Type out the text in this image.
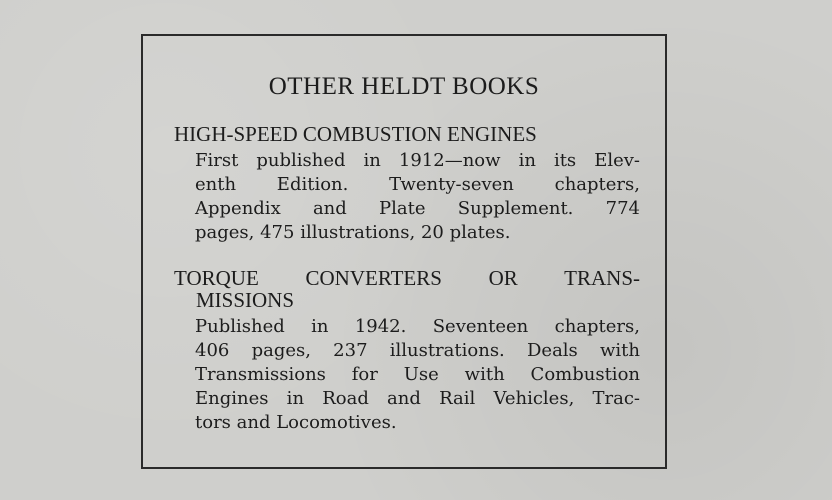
OTHER HELDT BOOKS
HIGH-SPEED COMBUSTION ENGINES
First published in 1912—now in its Elev-
enth Edition. Twenty-seven chapters,
Appendix and Plate Supplement. 774
pages, 475 illustrations, 20 plates.
TORQUE CONVERTERS OR TRANS-
MISSIONS
Published in 1942. Seventeen chapters,
406 pages, 237 illustrations. Deals with
Transmissions for Use with Combustion
Engines in Road and Rail Vehicles, Trac-
tors and Locomotives.
